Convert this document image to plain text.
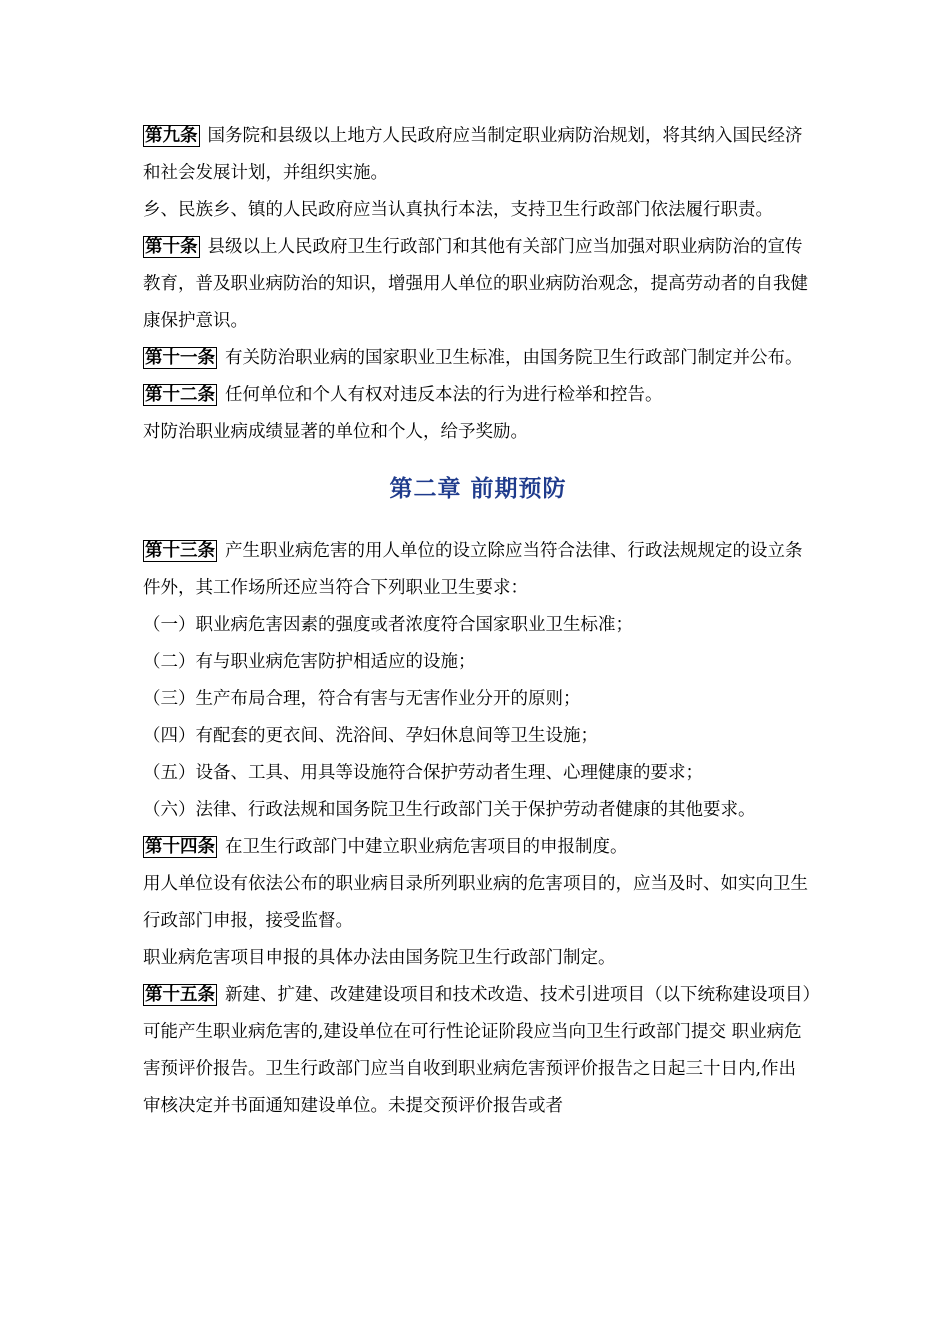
第九条 国务院和县级以上地方人民政府应当制定职业病防治规划，将其纳入国民经济和社会发展计划，并组织实施。

乡、民族乡、镇的人民政府应当认真执行本法，支持卫生行政部门依法履行职责。

第十条 县级以上人民政府卫生行政部门和其他有关部门应当加强对职业病防治的宣传教育，普及职业病防治的知识，增强用人单位的职业病防治观念，提高劳动者的自我健康保护意识。

第十一条 有关防治职业病的国家职业卫生标准，由国务院卫生行政部门制定并公布。

第十二条 任何单位和个人有权对违反本法的行为进行检举和控告。

对防治职业病成绩显著的单位和个人，给予奖励。

第二章 前期预防

第十三条 产生职业病危害的用人单位的设立除应当符合法律、行政法规规定的设立条件外，其工作场所还应当符合下列职业卫生要求：

（一）职业病危害因素的强度或者浓度符合国家职业卫生标准；

（二）有与职业病危害防护相适应的设施；

（三）生产布局合理，符合有害与无害作业分开的原则；

（四）有配套的更衣间、洗浴间、孕妇休息间等卫生设施；

（五）设备、工具、用具等设施符合保护劳动者生理、心理健康的要求；

（六）法律、行政法规和国务院卫生行政部门关于保护劳动者健康的其他要求。

第十四条 在卫生行政部门中建立职业病危害项目的申报制度。

用人单位设有依法公布的职业病目录所列职业病的危害项目的，应当及时、如实向卫生行政部门申报，接受监督。

职业病危害项目申报的具体办法由国务院卫生行政部门制定。

第十五条 新建、扩建、改建建设项目和技术改造、技术引进项目（以下统称建设项目）可能产生职业病危害的,建设单位在可行性论证阶段应当向卫生行政部门提交 职业病危害预评价报告。卫生行政部门应当自收到职业病危害预评价报告之日起三十日内,作出审核决定并书面通知建设单位。未提交预评价报告或者
